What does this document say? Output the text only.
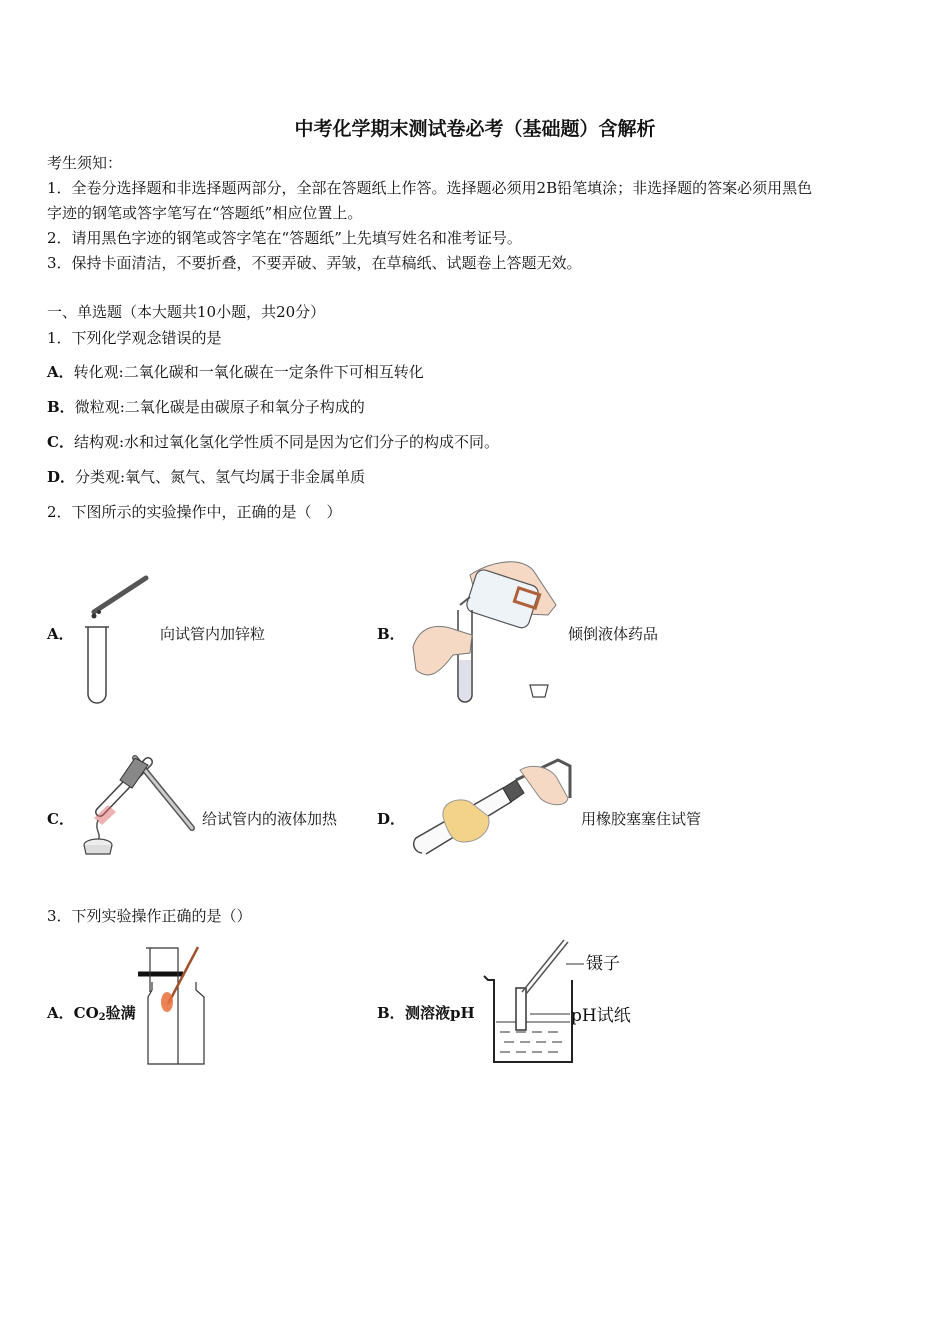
中考化学期末测试卷必考（基础题）含解析
考生须知：
1．全卷分选择题和非选择题两部分，全部在答题纸上作答。选择题必须用2B铅笔填涂；非选择题的答案必须用黑色
字迹的钢笔或答字笔写在“答题纸”相应位置上。
2．请用黑色字迹的钢笔或答字笔在“答题纸”上先填写姓名和准考证号。
3．保持卡面清洁，不要折叠，不要弄破、弄皱，在草稿纸、试题卷上答题无效。
一、单选题（本大题共10小题，共20分）
1．下列化学观念错误的是
A．转化观:二氧化碳和一氧化碳在一定条件下可相互转化
B．微粒观:二氧化碳是由碳原子和氧分子构成的
C．结构观:水和过氧化氢化学性质不同是因为它们分子的构成不同。
D．分类观:氧气、氮气、氢气均属于非金属单质
2．下图所示的实验操作中，正确的是（　）
A．	向试管内加锌粒	B．	倾倒液体药品
C．	给试管内的液体加热	D．	用橡胶塞塞住试管
3．下列实验操作正确的是（）
A．$CO_2$验满	B． 测溶液pH
镊子
pH试纸
